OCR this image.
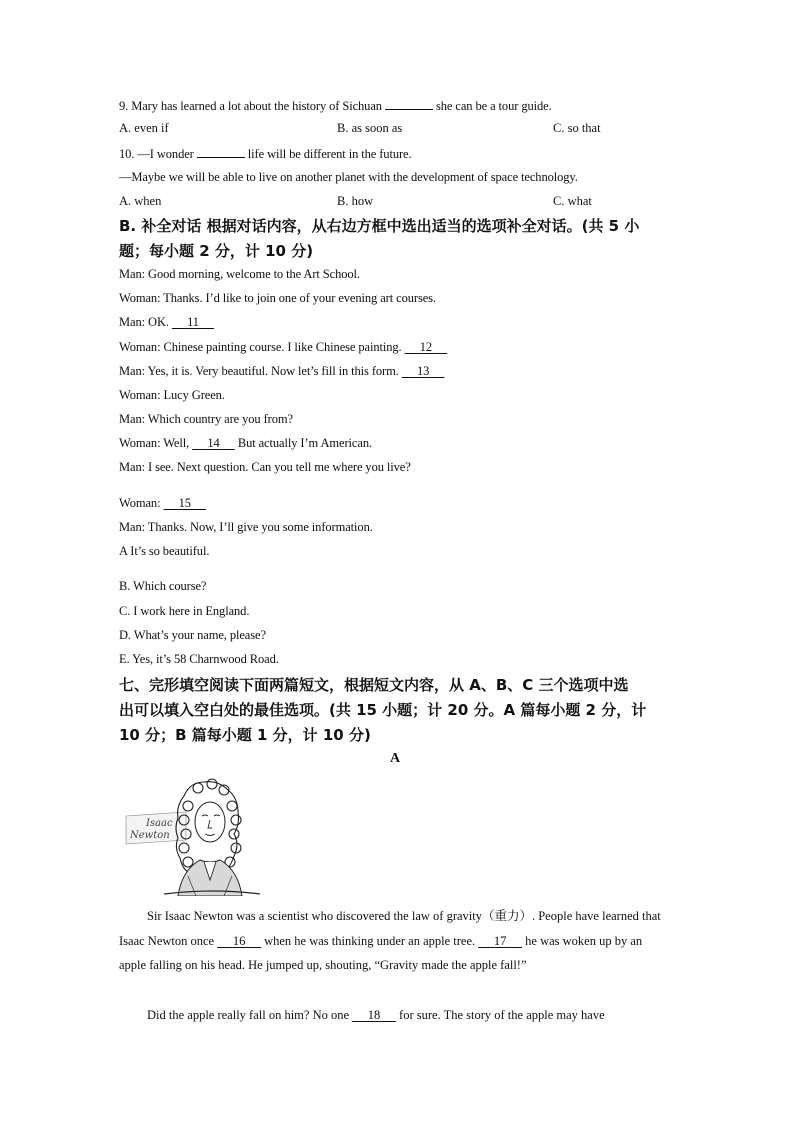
9. Mary has learned a lot about the history of Sichuan	she can be a tour guide.
A. even if	B. as soon as	C. so that
10. —I wonder	life will be different in the future.
—Maybe we will be able to live on another planet with the development of space technology.
A. when	B. how	C. what
B. 补全对话 根据对话内容，从右边方框中选出适当的选项补全对话。(共 5 小
题；每小题 2 分，计 10 分)
Man: Good morning, welcome to the Art School.
Woman: Thanks. I’d like to join one of your evening art courses.
Man: OK. 11
Woman: Chinese painting course. I like Chinese painting. 12
Man: Yes, it is. Very beautiful. Now let’s fill in this form. 13
Woman: Lucy Green.
Man: Which country are you from?
Woman: Well, 14 But actually I’m American.
Man: I see. Next question. Can you tell me where you live?
Woman: 15
Man: Thanks. Now, I’ll give you some information.
A It’s so beautiful.
B. Which course?
C. I work here in England.
D. What’s your name, please?
E. Yes, it’s 58 Charnwood Road.
七、完形填空阅读下面两篇短文，根据短文内容，从 A、B、C 三个选项中选
出可以填入空白处的最佳选项。(共 15 小题；计 20 分。A 篇每小题 2 分，计
10 分；B 篇每小题 1 分，计 10 分)
A
Isaac
Newton
Sir Isaac Newton was a scientist who discovered the law of gravity（重力）. People have learned that Isaac Newton once 16 when he was thinking under an apple tree. 17 he was woken up by an apple falling on his head. He jumped up, shouting, “Gravity made the apple fall!”
Did the apple really fall on him? No one 18 for sure. The story of the apple may have
